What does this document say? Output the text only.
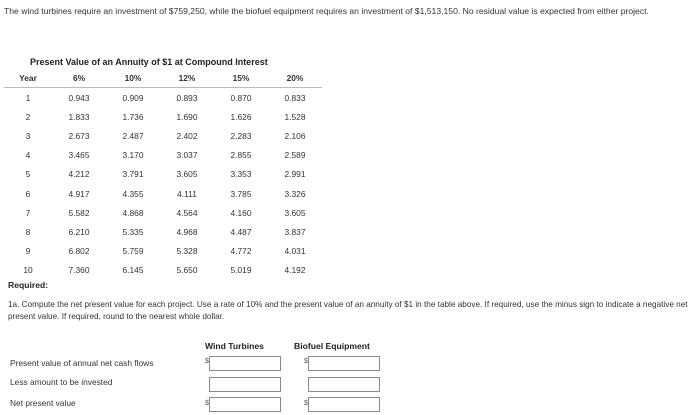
The wind turbines require an investment of $759,250, while the biofuel equipment requires an investment of $1,513,150. No residual value is expected from either project.
Present Value of an Annuity of $1 at Compound Interest
Year	6%	10%	12%	15%	20%
1	0.943	0.909	0.893	0.870	0.833
2	1.833	1.736	1.690	1.626	1.528
3	2.673	2.487	2.402	2.283	2.106
4	3.465	3.170	3.037	2.855	2.589
5	4.212	3.791	3.605	3.353	2.991
6	4.917	4.355	4.111	3.785	3.326
7	5.582	4.868	4.564	4.160	3.605
8	6.210	5.335	4.968	4.487	3.837
9	6.802	5.759	5.328	4.772	4.031
10	7.360	6.145	5.650	5.019	4.192
Required:
1a. Compute the net present value for each project. Use a rate of 10% and the present value of an annuity of $1 in the table above. If required, use the minus sign to indicate a negative net present value. If required, round to the nearest whole dollar.
Wind Turbines	Biofuel Equipment
Present value of annual net cash flows	$	$
Less amount to be invested
Net present value	$	$
